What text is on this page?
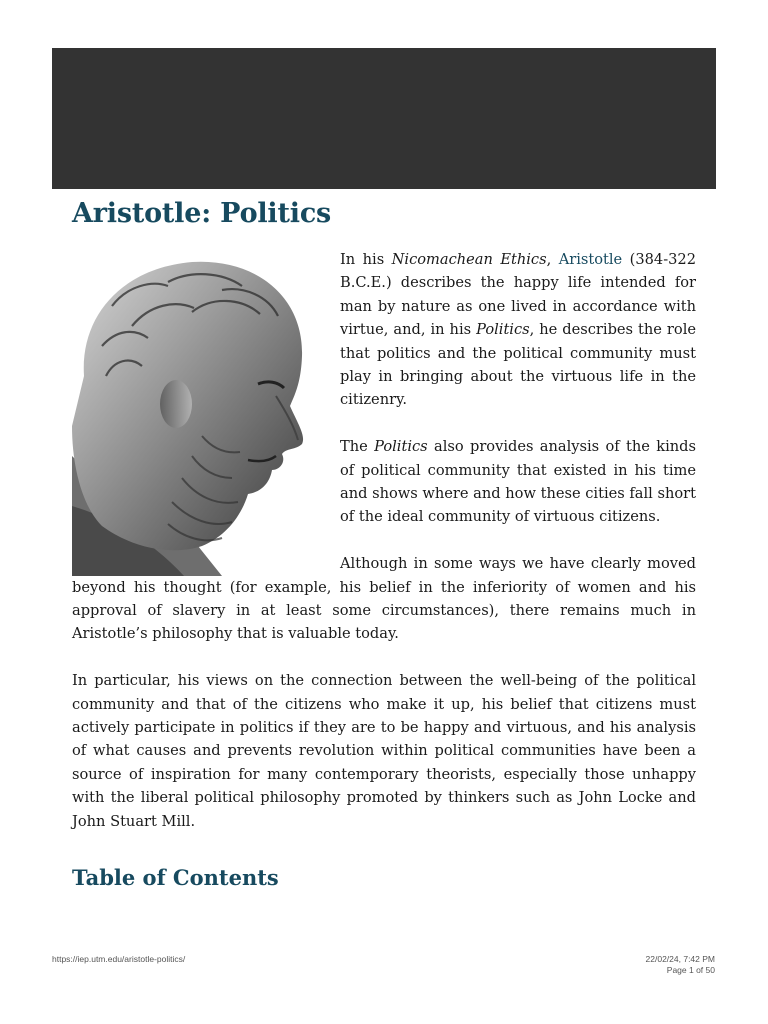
Aristotle: Politics

In his Nicomachean Ethics, Aristotle (384-322 B.C.E.) describes the happy life intended for man by nature as one lived in accordance with virtue, and, in his Politics, he describes the role that politics and the political community must play in bringing about the virtuous life in the citizenry.

The Politics also provides analysis of the kinds of political community that existed in his time and shows where and how these cities fall short of the ideal community of virtuous citizens.

Although in some ways we have clearly moved beyond his thought (for example, his belief in the inferiority of women and his approval of slavery in at least some circumstances), there remains much in Aristotle’s philosophy that is valuable today.

In particular, his views on the connection between the well-being of the political community and that of the citizens who make it up, his belief that citizens must actively participate in politics if they are to be happy and virtuous, and his analysis of what causes and prevents revolution within political communities have been a source of inspiration for many contemporary theorists, especially those unhappy with the liberal political philosophy promoted by thinkers such as John Locke and John Stuart Mill.

Table of Contents
https://iep.utm.edu/aristotle-politics/	22/02/24, 7:42 PM
Page 1 of 50
